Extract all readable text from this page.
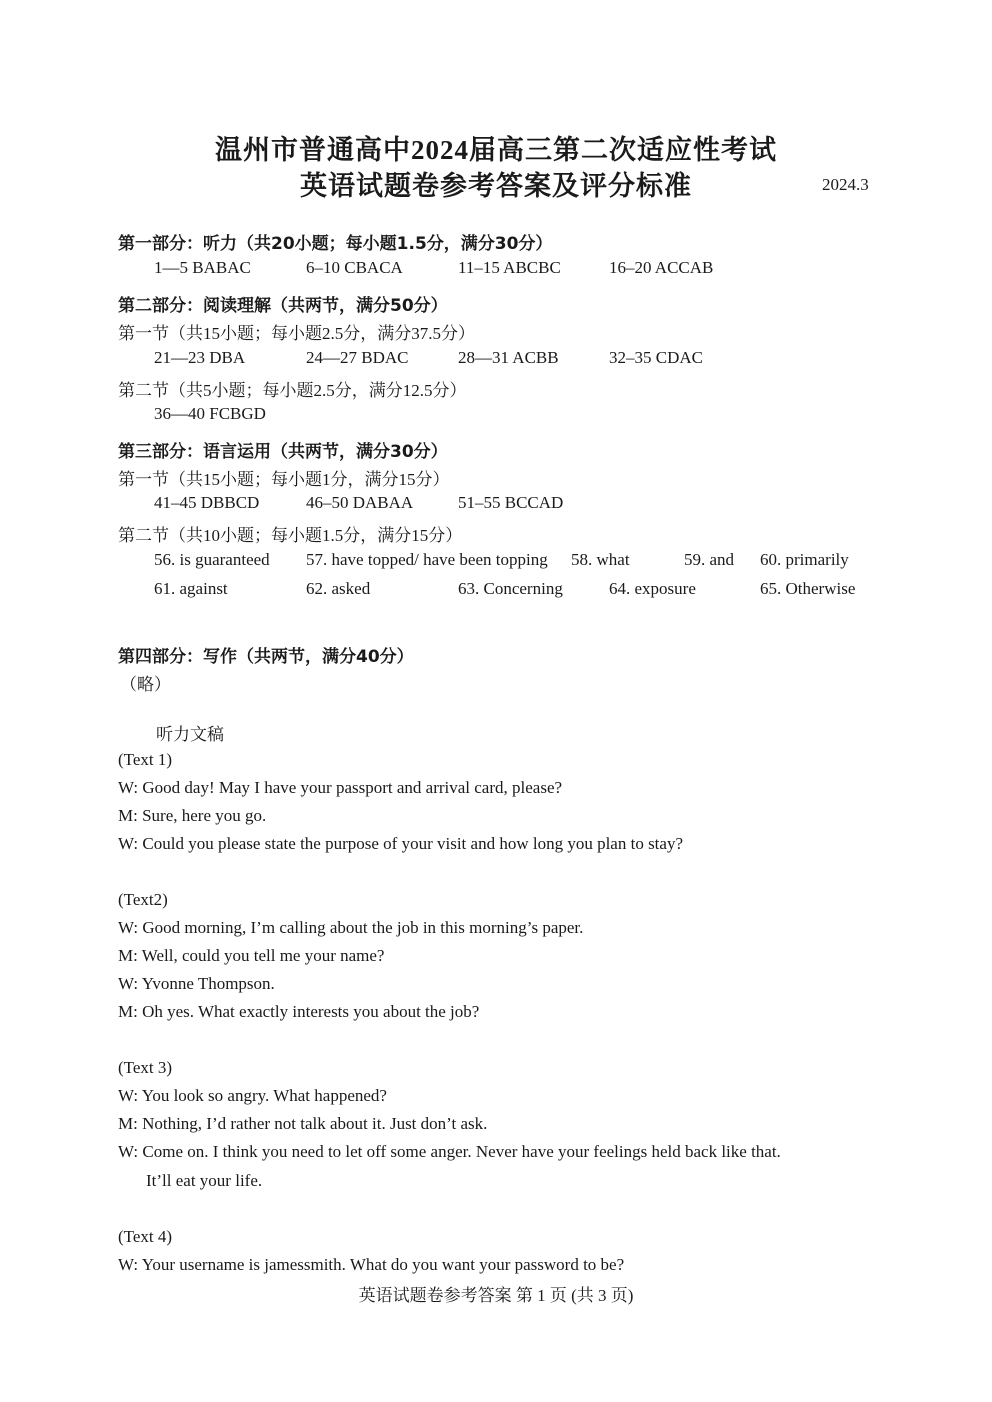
温州市普通高中2024届高三第二次适应性考试
英语试题卷参考答案及评分标准	2024.3
第一部分：听力（共20小题；每小题1.5分，满分30分）
1—5 BABAC	6–10 CBACA	11–15 ABCBC	16–20 ACCAB
第二部分：阅读理解（共两节，满分50分）
第一节（共15小题；每小题2.5分，满分37.5分）
21—23 DBA	24—27 BDAC	28—31 ACBB	32–35 CDAC
第二节（共5小题；每小题2.5分，满分12.5分）
36—40 FCBGD
第三部分：语言运用（共两节，满分30分）
第一节（共15小题；每小题1分，满分15分）
41–45 DBBCD	46–50 DABAA	51–55 BCCAD
第二节（共10小题；每小题1.5分，满分15分）
56. is guaranteed 57. have topped/ have been topping 58. what	59. and 60. primarily
61. against	62. asked	63. Concerning	64. exposure	65. Otherwise
第四部分：写作（共两节，满分40分）
（略）
听力文稿
(Text 1)
W: Good day! May I have your passport and arrival card, please?
M: Sure, here you go.
W: Could you please state the purpose of your visit and how long you plan to stay?
(Text2)
W: Good morning, I’m calling about the job in this morning’s paper.
M: Well, could you tell me your name?
W: Yvonne Thompson.
M: Oh yes. What exactly interests you about the job?
(Text 3)
W: You look so angry. What happened?
M: Nothing, I’d rather not talk about it. Just don’t ask.
W: Come on. I think you need to let off some anger. Never have your feelings held back like that.
It’ll eat your life.
(Text 4)
W: Your username is jamessmith. What do you want your password to be?
英语试题卷参考答案 第 1 页 (共 3 页)
